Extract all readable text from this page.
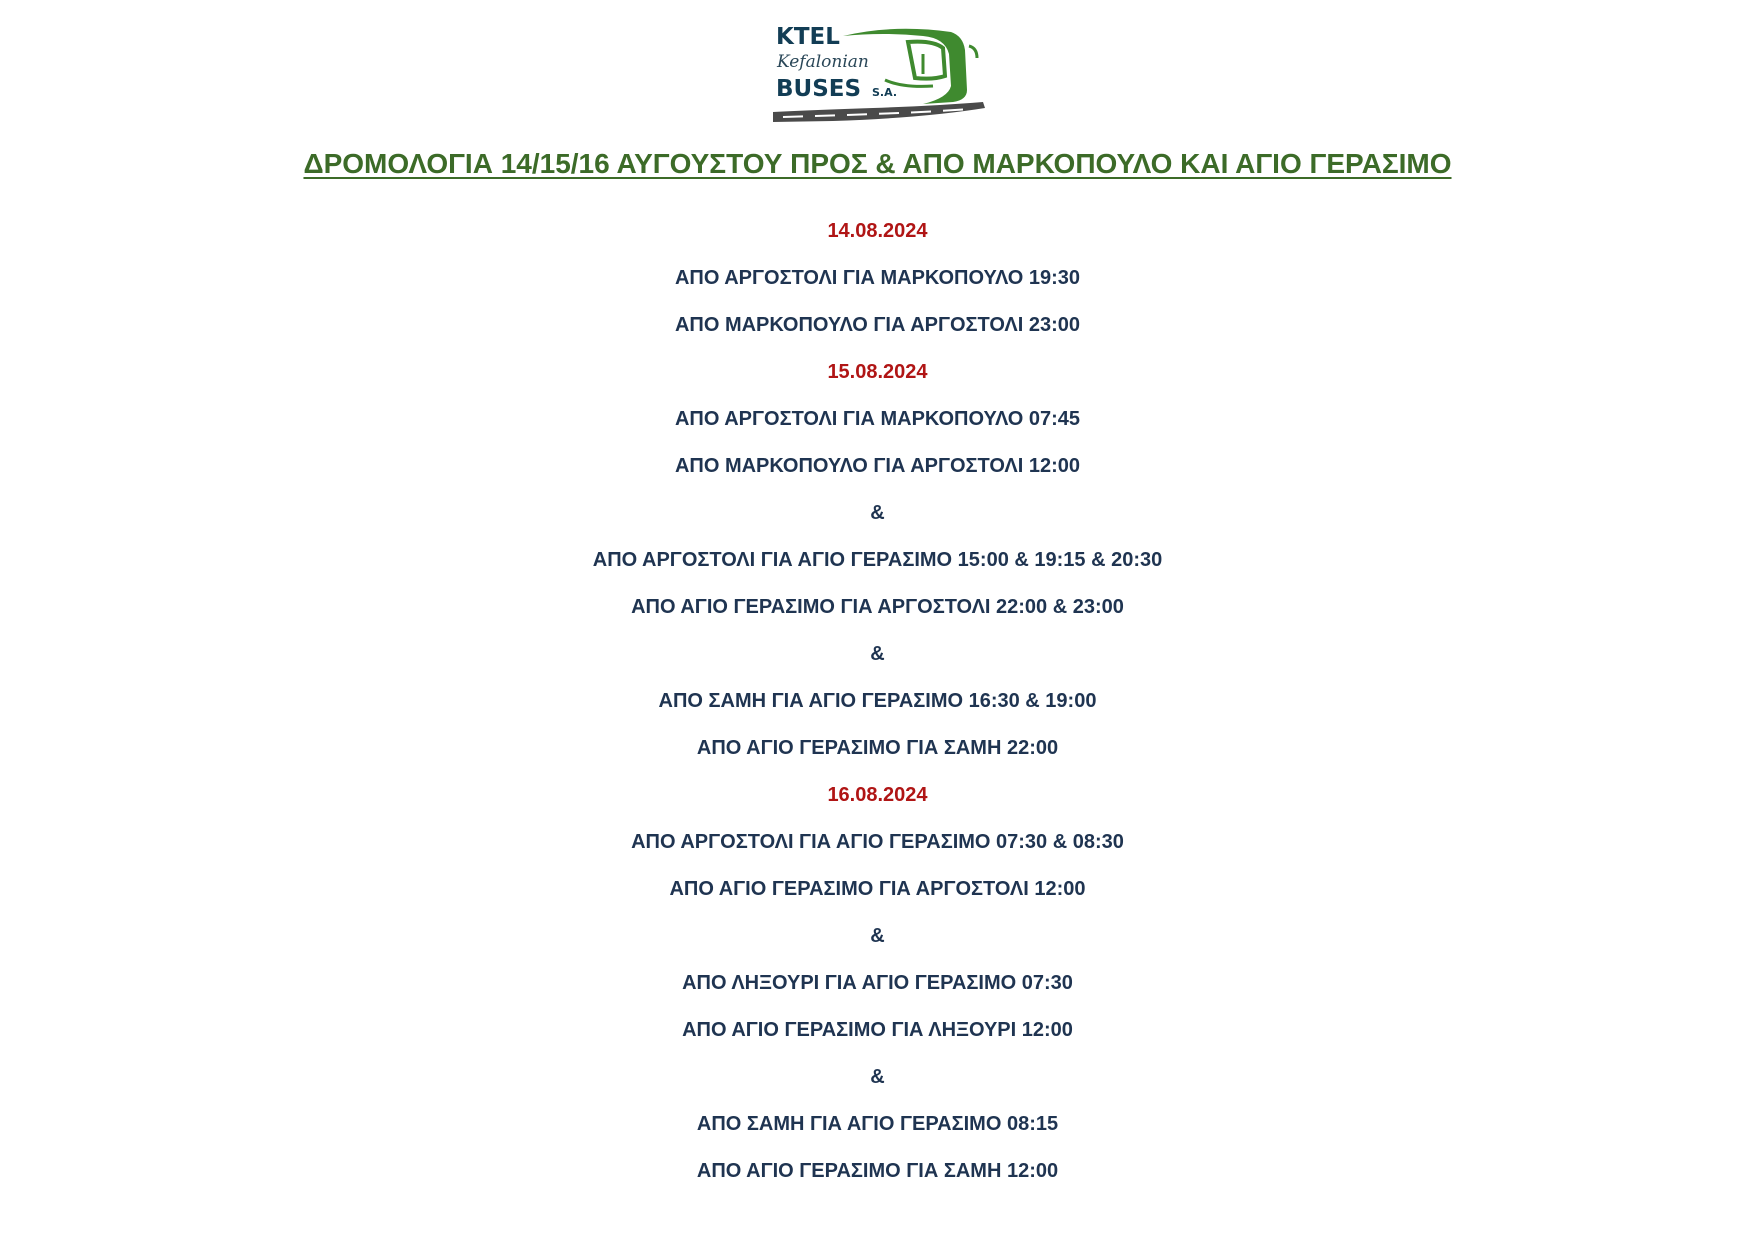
KTEL
Kefalonian
BUSES S.A.
ΔΡΟΜΟΛΟΓΙΑ 14/15/16 ΑΥΓΟΥΣΤΟΥ ΠΡΟΣ & ΑΠΟ ΜΑΡΚΟΠΟΥΛΟ ΚΑΙ ΑΓΙΟ ΓΕΡΑΣΙΜΟ
14.08.2024
ΑΠΟ ΑΡΓΟΣΤΟΛΙ ΓΙΑ ΜΑΡΚΟΠΟΥΛΟ 19:30
ΑΠΟ ΜΑΡΚΟΠΟΥΛΟ ΓΙΑ ΑΡΓΟΣΤΟΛΙ 23:00
15.08.2024
ΑΠΟ ΑΡΓΟΣΤΟΛΙ ΓΙΑ ΜΑΡΚΟΠΟΥΛΟ 07:45
ΑΠΟ ΜΑΡΚΟΠΟΥΛΟ ΓΙΑ ΑΡΓΟΣΤΟΛΙ 12:00
&
ΑΠΟ ΑΡΓΟΣΤΟΛΙ ΓΙΑ ΑΓΙΟ ΓΕΡΑΣΙΜΟ 15:00 & 19:15 & 20:30
ΑΠΟ ΑΓΙΟ ΓΕΡΑΣΙΜΟ ΓΙΑ ΑΡΓΟΣΤΟΛΙ 22:00 & 23:00
&
ΑΠΟ ΣΑΜΗ ΓΙΑ ΑΓΙΟ ΓΕΡΑΣΙΜΟ 16:30 & 19:00
ΑΠΟ ΑΓΙΟ ΓΕΡΑΣΙΜΟ ΓΙΑ ΣΑΜΗ 22:00
16.08.2024
ΑΠΟ ΑΡΓΟΣΤΟΛΙ ΓΙΑ ΑΓΙΟ ΓΕΡΑΣΙΜΟ 07:30 & 08:30
ΑΠΟ ΑΓΙΟ ΓΕΡΑΣΙΜΟ ΓΙΑ ΑΡΓΟΣΤΟΛΙ 12:00
&
ΑΠΟ ΛΗΞΟΥΡΙ ΓΙΑ ΑΓΙΟ ΓΕΡΑΣΙΜΟ 07:30
ΑΠΟ ΑΓΙΟ ΓΕΡΑΣΙΜΟ ΓΙΑ ΛΗΞΟΥΡΙ 12:00
&
ΑΠΟ ΣΑΜΗ ΓΙΑ ΑΓΙΟ ΓΕΡΑΣΙΜΟ 08:15
ΑΠΟ ΑΓΙΟ ΓΕΡΑΣΙΜΟ ΓΙΑ ΣΑΜΗ 12:00
